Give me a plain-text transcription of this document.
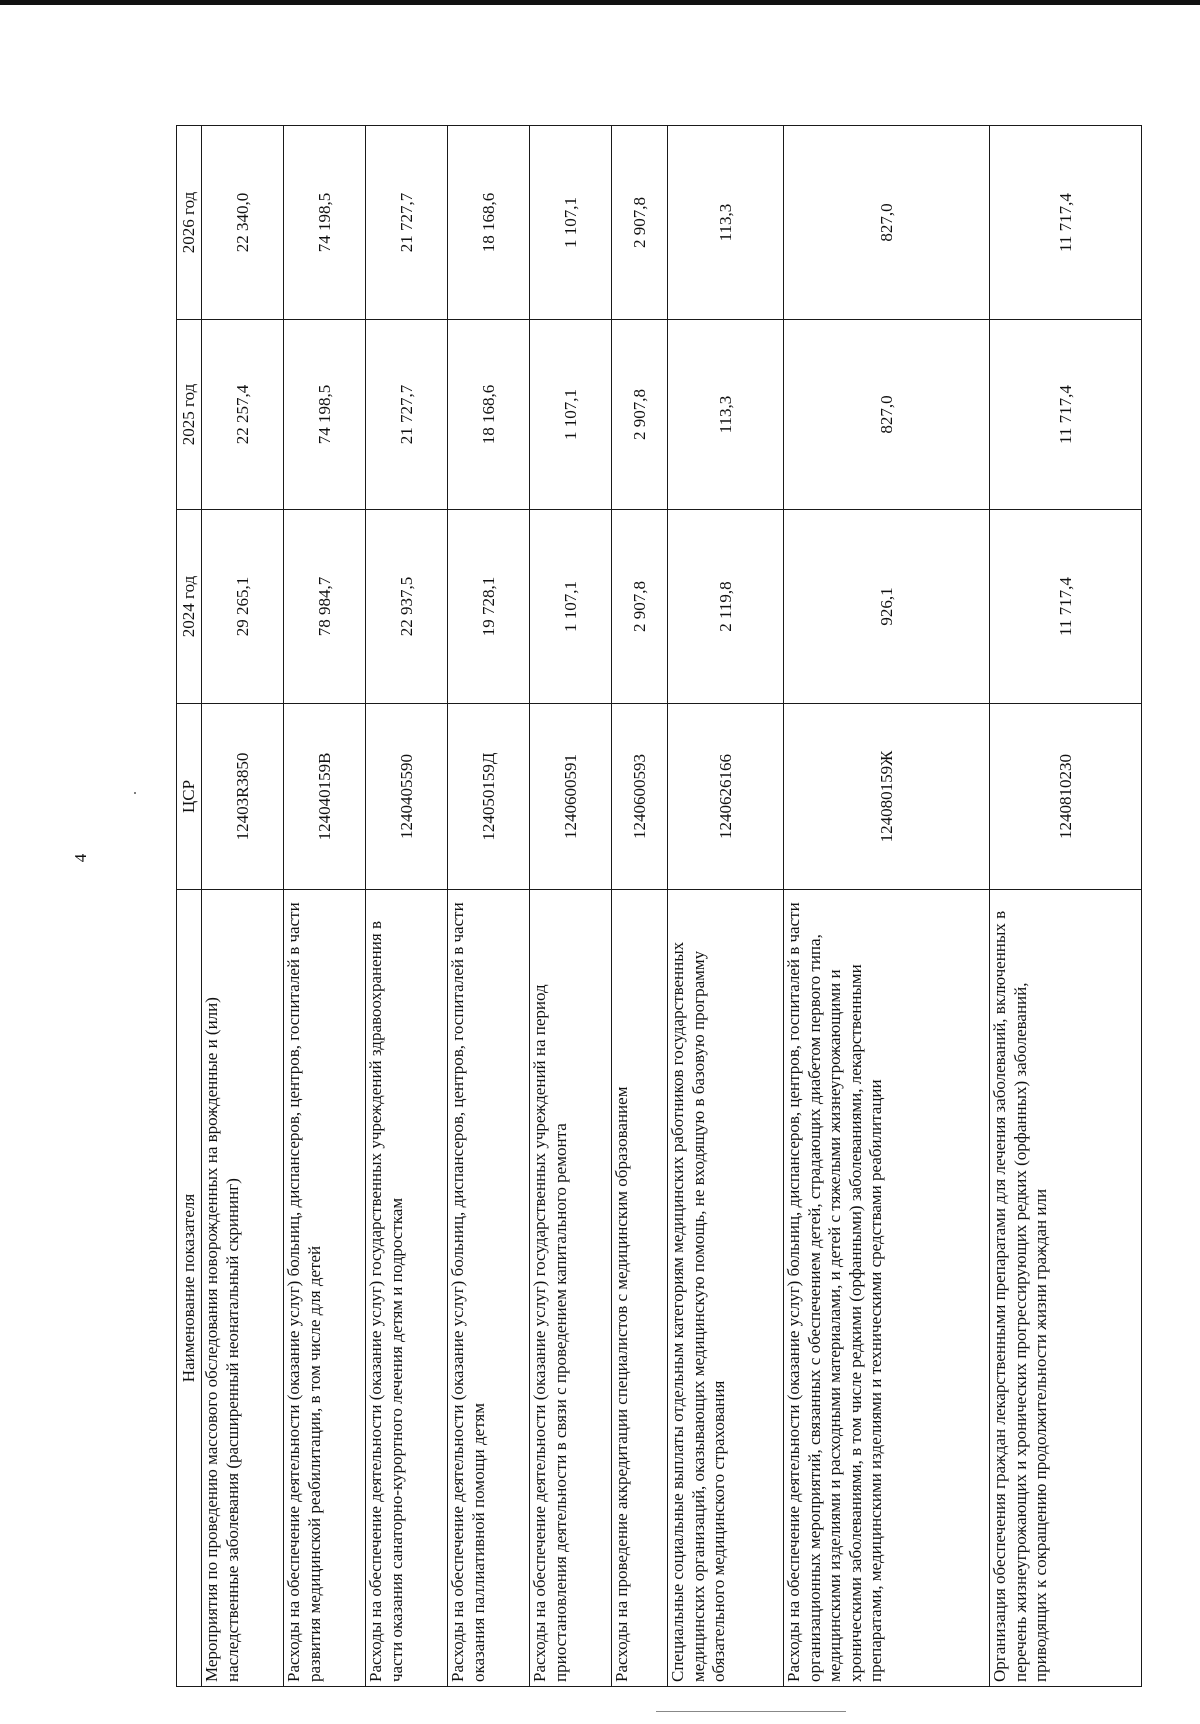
4
Наименование показателя	ЦСР	2024 год	2025 год	2026 год
Мероприятия по проведению массового обследования новорожденных на врожденные и (или) наследственные заболевания (расширенный неонатальный скрининг)	12403R3850	29 265,1	22 257,4	22 340,0
Расходы на обеспечение деятельности (оказание услуг) больниц, диспансеров, центров, госпиталей в части развития медицинской реабилитации, в том числе для детей	124040159В	78 984,7	74 198,5	74 198,5
Расходы на обеспечение деятельности (оказание услуг) государственных учреждений здравоохранения в части оказания санаторно-курортного лечения детям и подросткам	1240405590	22 937,5	21 727,7	21 727,7
Расходы на обеспечение деятельности (оказание услуг) больниц, диспансеров, центров, госпиталей в части оказания паллиативной помощи детям	124050159Д	19 728,1	18 168,6	18 168,6
Расходы на обеспечение деятельности (оказание услуг) государственных учреждений на период приостановления деятельности в связи с проведением капитального ремонта	1240600591	1 107,1	1 107,1	1 107,1
Расходы на проведение аккредитации специалистов с медицинским образованием	1240600593	2 907,8	2 907,8	2 907,8
Специальные социальные выплаты отдельным категориям медицинских работников государственных медицинских организаций, оказывающих медицинскую помощь, не входящую в базовую программу обязательного медицинского страхования	1240626166	2 119,8	113,3	113,3
Расходы на обеспечение деятельности (оказание услуг) больниц, диспансеров, центров, госпиталей в части организационных мероприятий, связанных с обеспечением детей, страдающих диабетом первого типа, медицинскими изделиями и расходными материалами, и детей с тяжелыми жизнеугрожающими и хроническими заболеваниями, в том числе редкими (орфанными) заболеваниями, лекарственными препаратами, медицинскими изделиями и техническими средствами реабилитации	124080159Ж	926,1	827,0	827,0
Организация обеспечения граждан лекарственными препаратами для лечения заболеваний, включенных в перечень жизнеугрожающих и хронических прогрессирующих редких (орфанных) заболеваний, приводящих к сокращению продолжительности жизни граждан или	1240810230	11 717,4	11 717,4	11 717,4
